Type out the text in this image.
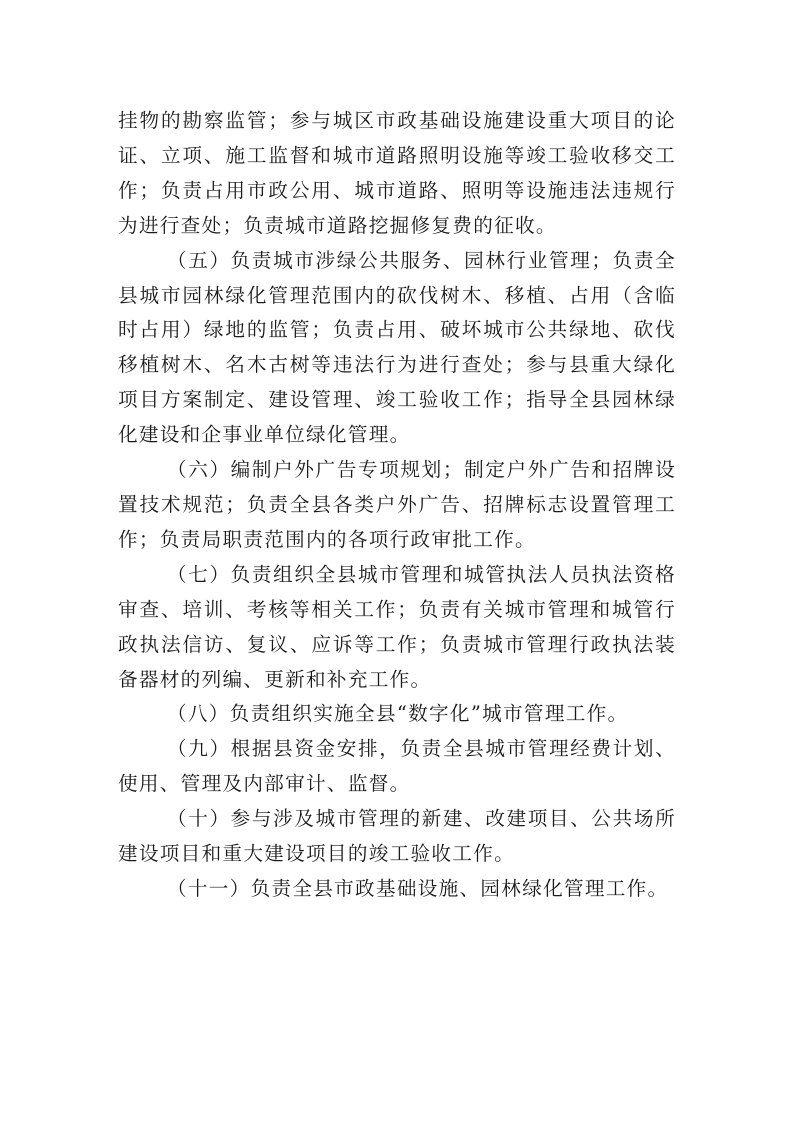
挂物的勘察监管；参与城区市政基础设施建设重大项目的论证、立项、施工监督和城市道路照明设施等竣工验收移交工作；负责占用市政公用、城市道路、照明等设施违法违规行为进行查处；负责城市道路挖掘修复费的征收。

（五）负责城市涉绿公共服务、园林行业管理；负责全县城市园林绿化管理范围内的砍伐树木、移植、占用（含临时占用）绿地的监管；负责占用、破坏城市公共绿地、砍伐移植树木、名木古树等违法行为进行查处；参与县重大绿化项目方案制定、建设管理、竣工验收工作；指导全县园林绿化建设和企事业单位绿化管理。

（六）编制户外广告专项规划；制定户外广告和招牌设置技术规范；负责全县各类户外广告、招牌标志设置管理工作；负责局职责范围内的各项行政审批工作。

（七）负责组织全县城市管理和城管执法人员执法资格审查、培训、考核等相关工作；负责有关城市管理和城管行政执法信访、复议、应诉等工作；负责城市管理行政执法装备器材的列编、更新和补充工作。

（八）负责组织实施全县“数字化”城市管理工作。

（九）根据县资金安排，负责全县城市管理经费计划、使用、管理及内部审计、监督。

（十）参与涉及城市管理的新建、改建项目、公共场所建设项目和重大建设项目的竣工验收工作。

（十一）负责全县市政基础设施、园林绿化管理工作。
